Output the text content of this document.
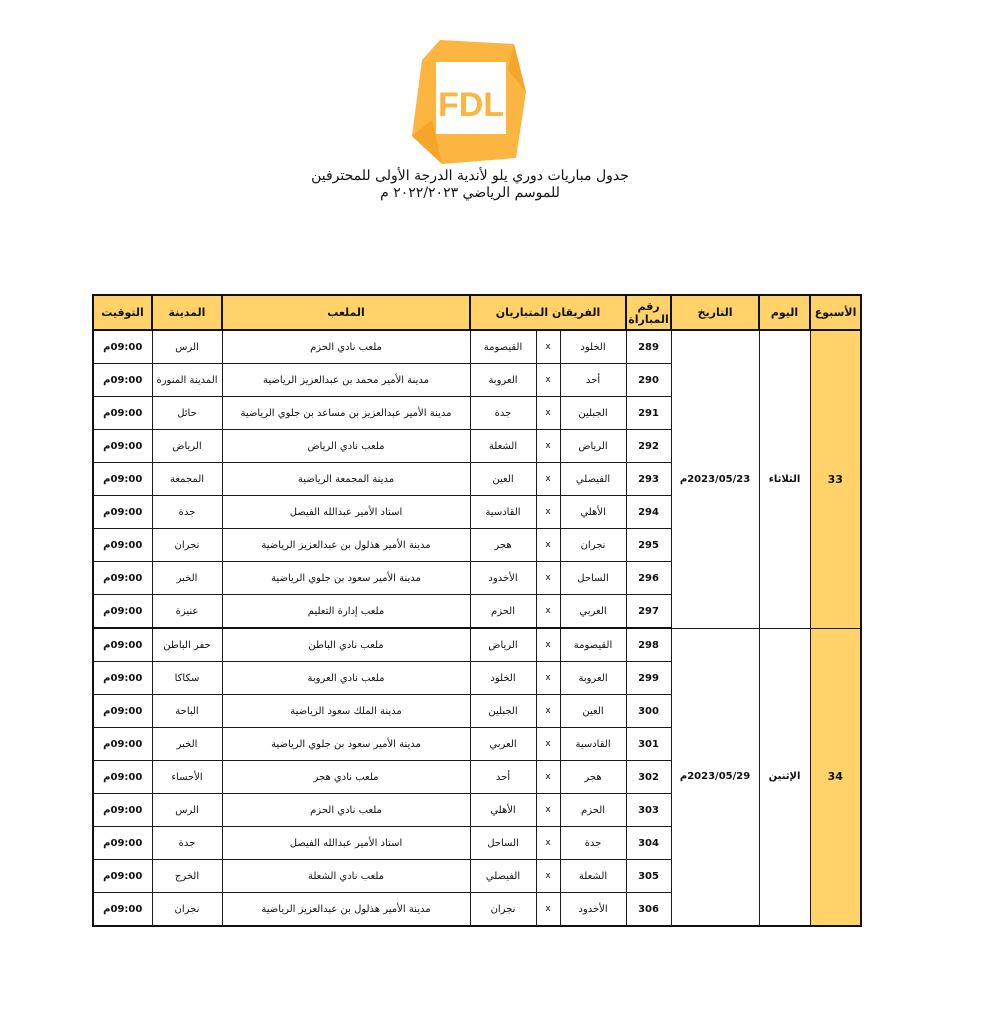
FDL
جدول مباريات دوري يلو لأندية الدرجة الأولى للمحترفين
للموسم الرياضي ٢٠٢٢/٢٠٢٣ م
الأسبوع	اليوم	التاريخ	رقم المباراة	الفريقان المتباريان			الملعب	المدينة	التوقيت
33	الثلاثاء	2023/05/23م	289	الخلود	x	القيصومة	ملعب نادي الحزم	الرس	09:00م
			290	أحد	x	العروبة	مدينة الأمير محمد بن عبدالعزيز الرياضية	المدينة المنورة	09:00م
			291	الجبلين	x	جدة	مدينة الأمير عبدالعزيز بن مساعد بن جلوي الرياضية	حائل	09:00م
			292	الرياض	x	الشعلة	ملعب نادي الرياض	الرياض	09:00م
			293	الفيصلي	x	العين	مدينة المجمعة الرياضية	المجمعة	09:00م
			294	الأهلي	x	القادسية	استاد الأمير عبدالله الفيصل	جدة	09:00م
			295	نجران	x	هجر	مدينة الأمير هذلول بن عبدالعزيز الرياضية	نجران	09:00م
			296	الساحل	x	الأخدود	مدينة الأمير سعود بن جلوي الرياضية	الخبر	09:00م
			297	العربي	x	الحزم	ملعب إدارة التعليم	عنيزة	09:00م
34	الإثنين	2023/05/29م	298	القيصومة	x	الرياض	ملعب نادي الباطن	حفر الباطن	09:00م
			299	العروبة	x	الخلود	ملعب نادي العروبة	سكاكا	09:00م
			300	العين	x	الجبلين	مدينة الملك سعود الرياضية	الباحة	09:00م
			301	القادسية	x	العربي	مدينة الأمير سعود بن جلوي الرياضية	الخبر	09:00م
			302	هجر	x	أحد	ملعب نادي هجر	الأحساء	09:00م
			303	الحزم	x	الأهلي	ملعب نادي الحزم	الرس	09:00م
			304	جدة	x	الساحل	استاد الأمير عبدالله الفيصل	جدة	09:00م
			305	الشعلة	x	الفيصلي	ملعب نادي الشعلة	الخرج	09:00م
			306	الأخدود	x	نجران	مدينة الأمير هذلول بن عبدالعزيز الرياضية	نجران	09:00م
